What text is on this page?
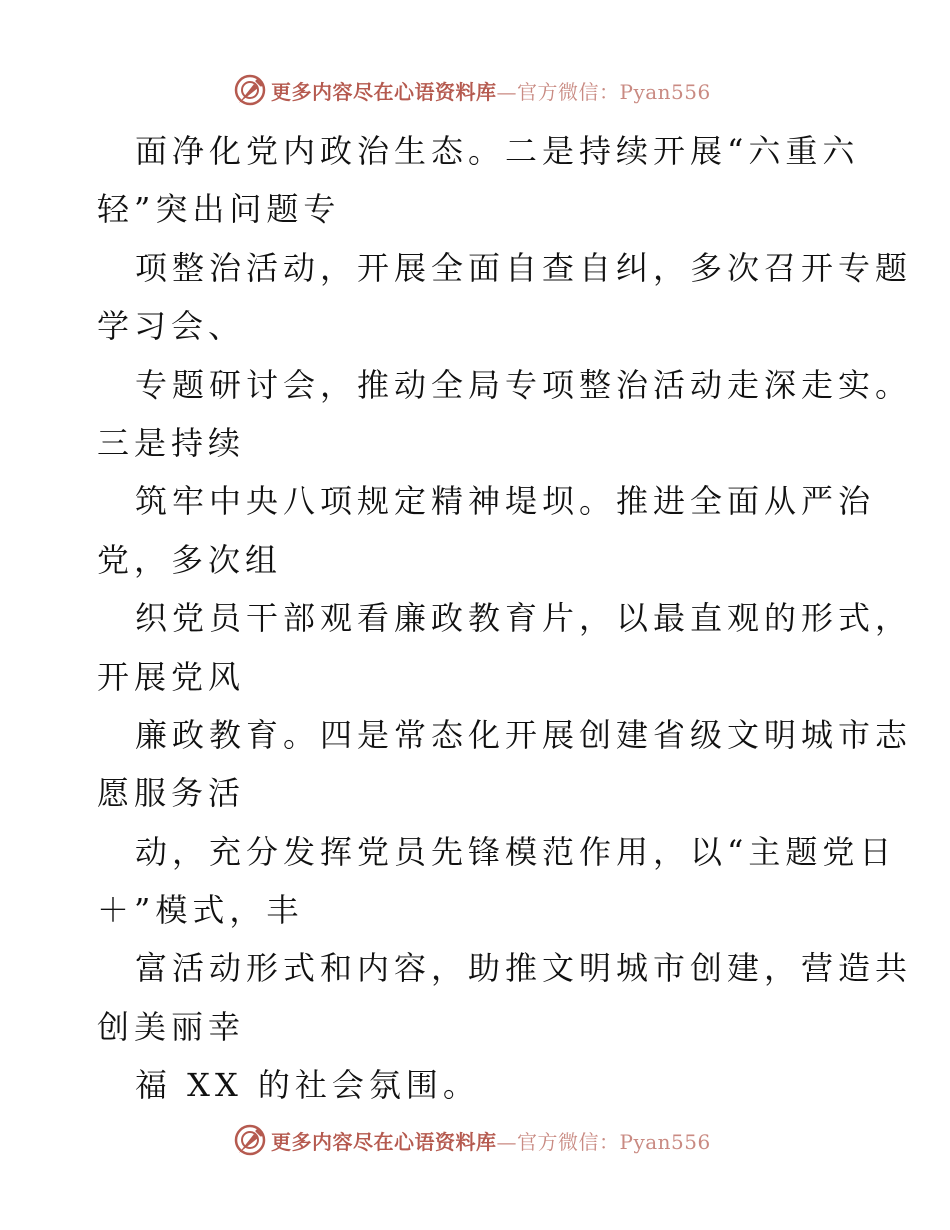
更多内容尽在心语资料库—官方微信：Pyan556
面净化党内政治生态。二是持续开展“六重六
轻”突出问题专
项整治活动，开展全面自查自纠，多次召开专题
学习会、
专题研讨会，推动全局专项整治活动走深走实。
三是持续
筑牢中央八项规定精神堤坝。推进全面从严治
党，多次组
织党员干部观看廉政教育片，以最直观的形式，
开展党风
廉政教育。四是常态化开展创建省级文明城市志
愿服务活
动，充分发挥党员先锋模范作用，以“主题党日
＋”模式，丰
富活动形式和内容，助推文明城市创建，营造共
创美丽幸
福 XX 的社会氛围。
更多内容尽在心语资料库—官方微信：Pyan556
